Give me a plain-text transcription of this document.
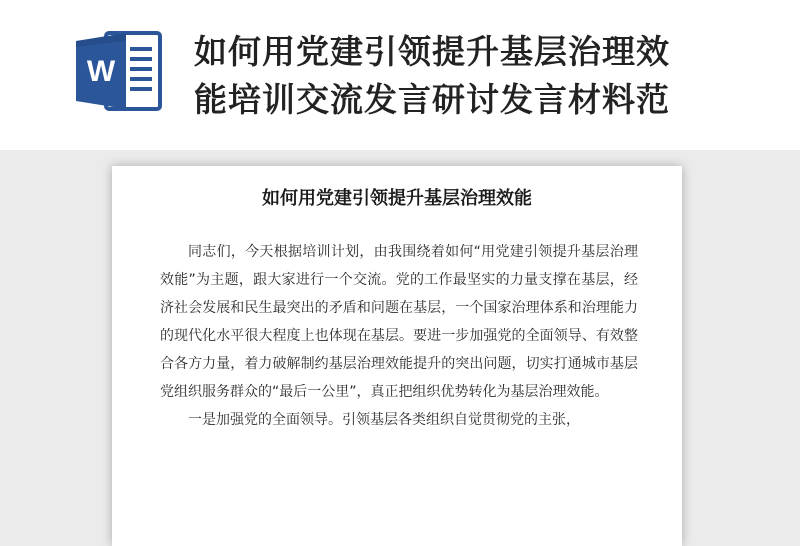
W
如何用党建引领提升基层治理效
能培训交流发言研讨发言材料范
如何用党建引领提升基层治理效能

同志们，今天根据培训计划，由我围绕着如何“用党建引领提升基层治理效能”为主题，跟大家进行一个交流。党的工作最坚实的力量支撑在基层，经济社会发展和民生最突出的矛盾和问题在基层，一个国家治理体系和治理能力的现代化水平很大程度上也体现在基层。要进一步加强党的全面领导、有效整合各方力量，着力破解制约基层治理效能提升的突出问题，切实打通城市基层党组织服务群众的“最后一公里”，真正把组织优势转化为基层治理效能。

一是加强党的全面领导。引领基层各类组织自觉贯彻党的主张，
